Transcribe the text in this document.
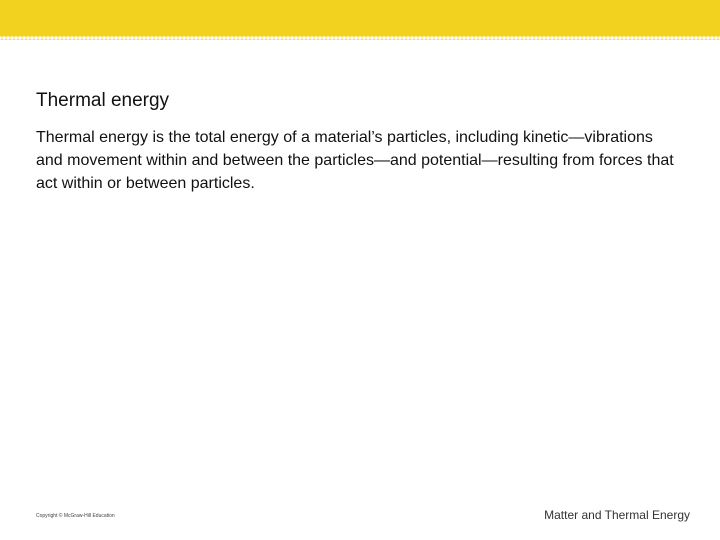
Thermal energy

Thermal energy is the total energy of a material’s particles, including kinetic—vibrations and movement within and between the particles—and potential—resulting from forces that act within or between particles.

Copyright © McGraw-Hill Education	Matter and Thermal Energy
